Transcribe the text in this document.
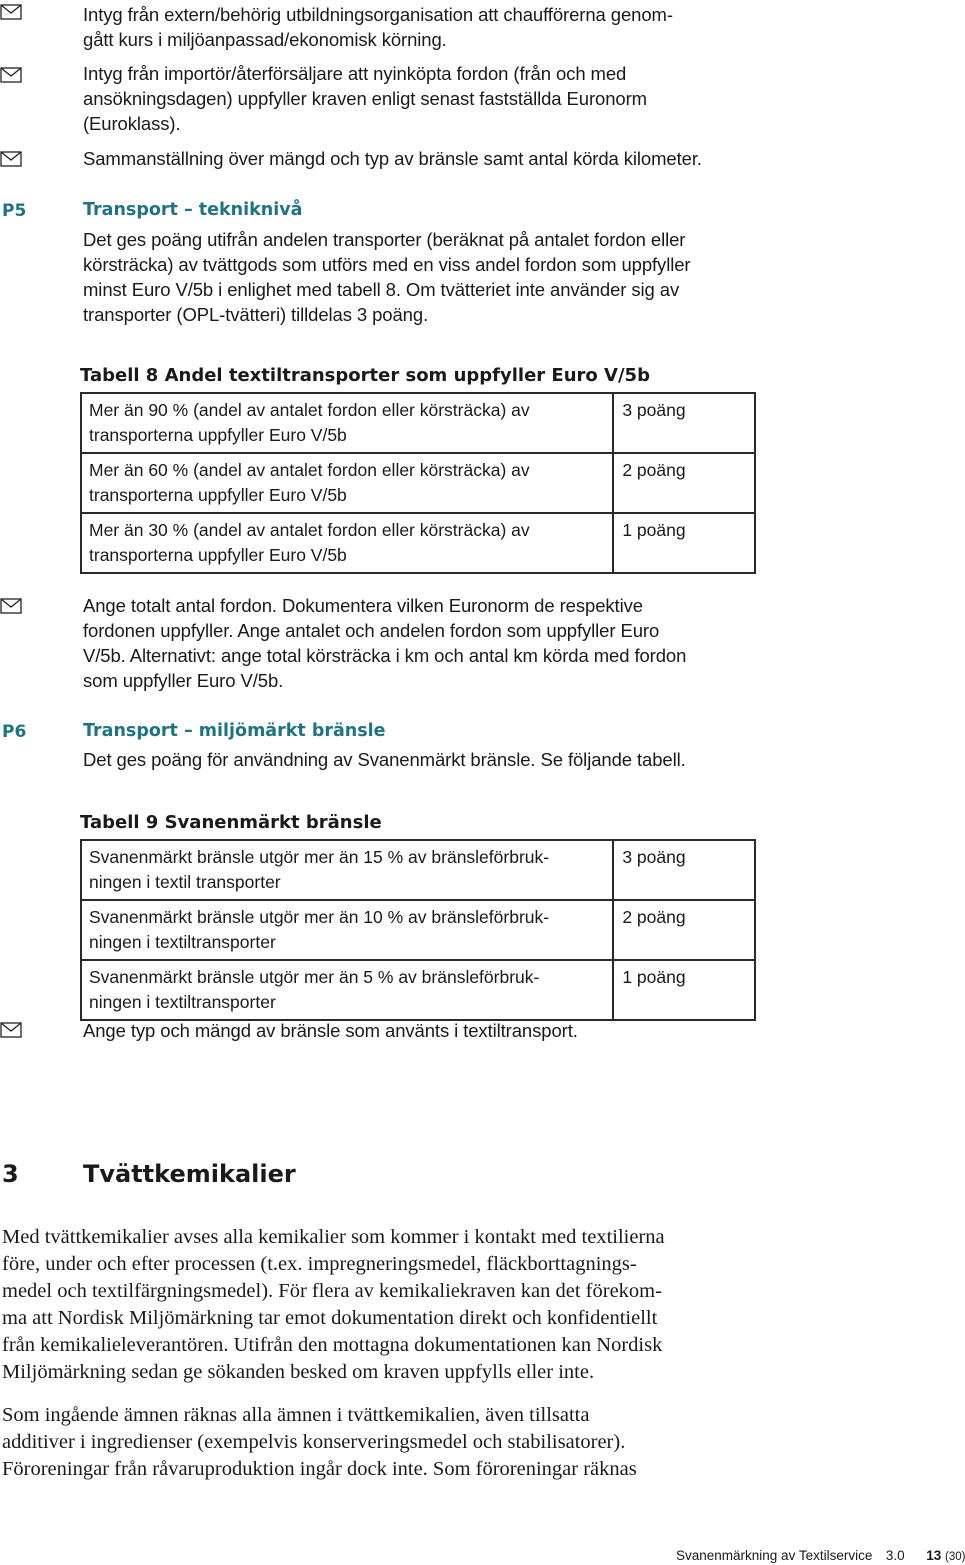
Intyg från extern/behörig utbildningsorganisation att chaufförerna genom-
gått kurs i miljöanpassad/ekonomisk körning.
Intyg från importör/återförsäljare att nyinköpta fordon (från och med
ansökningsdagen) uppfyller kraven enligt senast fastställda Euronorm
(Euroklass).
Sammanställning över mängd och typ av bränsle samt antal körda kilometer.
P5	Transport – tekniknivå
Det ges poäng utifrån andelen transporter (beräknat på antalet fordon eller
körsträcka) av tvättgods som utförs med en viss andel fordon som uppfyller
minst Euro V/5b i enlighet med tabell 8. Om tvätteriet inte använder sig av
transporter (OPL-tvätteri) tilldelas 3 poäng.
Tabell 8 Andel textiltransporter som uppfyller Euro V/5b
Mer än 90 % (andel av antalet fordon eller körsträcka) av
transporterna uppfyller Euro V/5b	3 poäng
Mer än 60 % (andel av antalet fordon eller körsträcka) av
transporterna uppfyller Euro V/5b	2 poäng
Mer än 30 % (andel av antalet fordon eller körsträcka) av
transporterna uppfyller Euro V/5b	1 poäng
Ange totalt antal fordon. Dokumentera vilken Euronorm de respektive
fordonen uppfyller. Ange antalet och andelen fordon som uppfyller Euro
V/5b. Alternativt: ange total körsträcka i km och antal km körda med fordon
som uppfyller Euro V/5b.
P6	Transport – miljömärkt bränsle
Det ges poäng för användning av Svanenmärkt bränsle. Se följande tabell.
Tabell 9 Svanenmärkt bränsle
Svanenmärkt bränsle utgör mer än 15 % av bränsleförbruk-
ningen i textil transporter	3 poäng
Svanenmärkt bränsle utgör mer än 10 % av bränsleförbruk-
ningen i textiltransporter	2 poäng
Svanenmärkt bränsle utgör mer än 5 % av bränsleförbruk-
ningen i textiltransporter	1 poäng
Ange typ och mängd av bränsle som använts i textiltransport.
3	Tvättkemikalier
Med tvättkemikalier avses alla kemikalier som kommer i kontakt med textilierna
före, under och efter processen (t.ex. impregneringsmedel, fläckborttagnings-
medel och textilfärgningsmedel). För flera av kemikaliekraven kan det förekom-
ma att Nordisk Miljömärkning tar emot dokumentation direkt och konfidentiellt
från kemikalieleverantören. Utifrån den mottagna dokumentationen kan Nordisk
Miljömärkning sedan ge sökanden besked om kraven uppfylls eller inte.
Som ingående ämnen räknas alla ämnen i tvättkemikalien, även tillsatta
additiver i ingredienser (exempelvis konserveringsmedel och stabilisatorer).
Föroreningar från råvaruproduktion ingår dock inte. Som föroreningar räknas
Svanenmärkning av Textilservice 3.0 13 (30)
